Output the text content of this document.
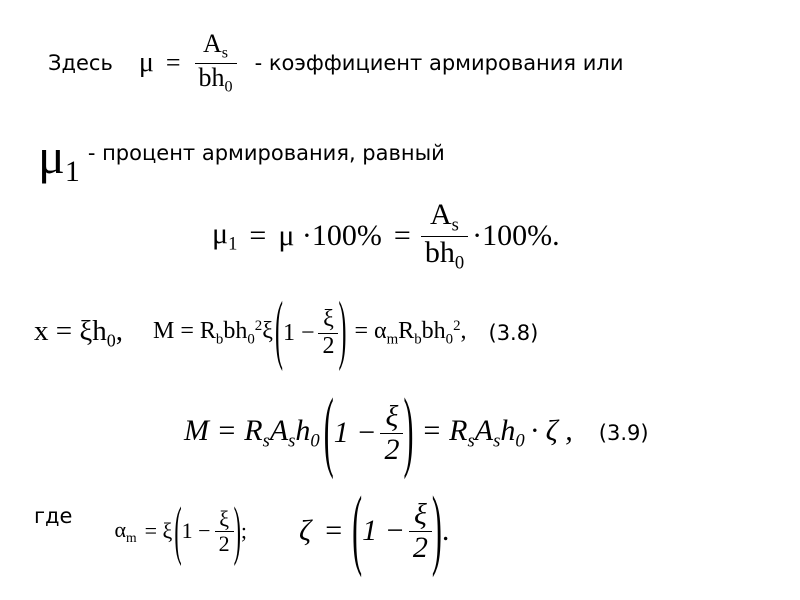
Здесь $\mu = \frac{A_s}{bh_0}$ - коэффициент армирования или
μ1
- процент армирования, равный
$\mu_1 = \mu \cdot 100\% = \frac{A_s}{bh_0} \cdot 100\%$.
$x = \xi h_0$, $M = R_bbh_0^2\xi$ ( $1 - \frac{\xi}{2}$ ) = $\alpha_mR_bbh_0^2$, (3.8)
$M = R_sA_sh_0$ ( $1 - \frac{\xi}{2}$ ) = $R_sA_sh_0 \cdot \zeta$ , (3.9)
где
$\alpha_m = \xi$ ( $1 - \frac{\xi}{2}$ ) ; ζ = ( $1 - \frac{\xi}{2}$ ) .
